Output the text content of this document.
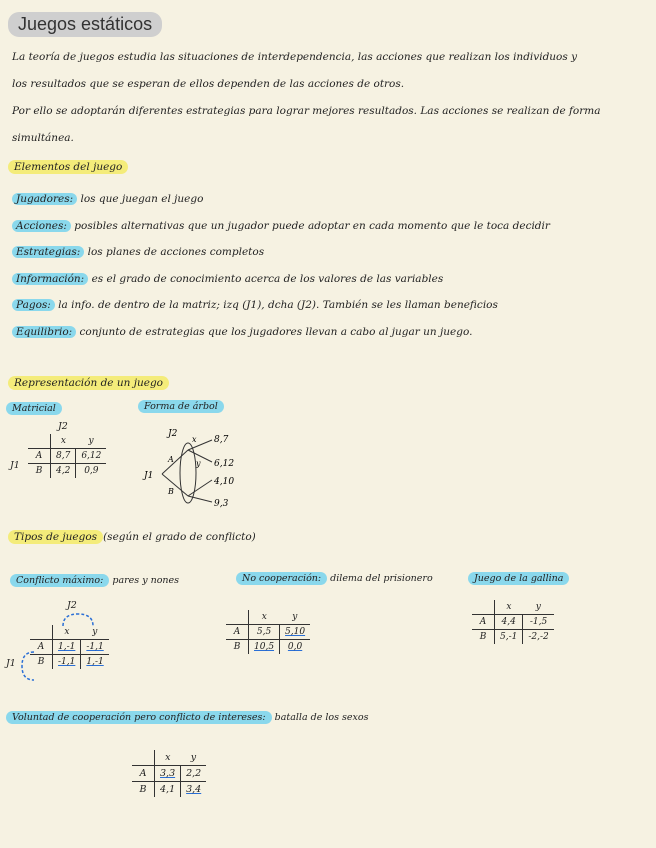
Juegos estáticos
La teoría de juegos estudia las situaciones de interdependencia, las acciones que realizan los individuos y
los resultados que se esperan de ellos dependen de las acciones de otros.
Por ello se adoptarán diferentes estrategias para lograr mejores resultados. Las acciones se realizan de forma
simultánea.
Elementos del juego
Jugadores: los que juegan el juego
Acciones: posibles alternativas que un jugador puede adoptar en cada momento que le toca decidir
Estrategias: los planes de acciones completos
Información: es el grado de conocimiento acerca de los valores de las variables
Pagos: la info. de dentro de la matriz; izq (J1), dcha (J2). También se les llaman beneficios
Equilibrio: conjunto de estrategias que los jugadores llevan a cabo al jugar un juego.
Representación de un juego
Matricial
J2
J1
	x	y
A	8,7	6,12
B	4,2	0,9
Forma de árbol
J1
J2
A
B
x
y
8,7
6,12
4,10
9,3
Tipos de juegos (según el grado de conflicto)
Conflicto máximo: pares y nones
J2
J1
	x	y
A	1,-1	-1,1
B	-1,1	1,-1
No cooperación: dilema del prisionero
	x	y
A	5,5	5,10
B	10,5	0,0
Juego de la gallina
	x	y
A	4,4	-1,5
B	5,-1	-2,-2
Voluntad de cooperación pero conflicto de intereses: batalla de los sexos
	x	y
A	3,3	2,2
B	4,1	3,4
